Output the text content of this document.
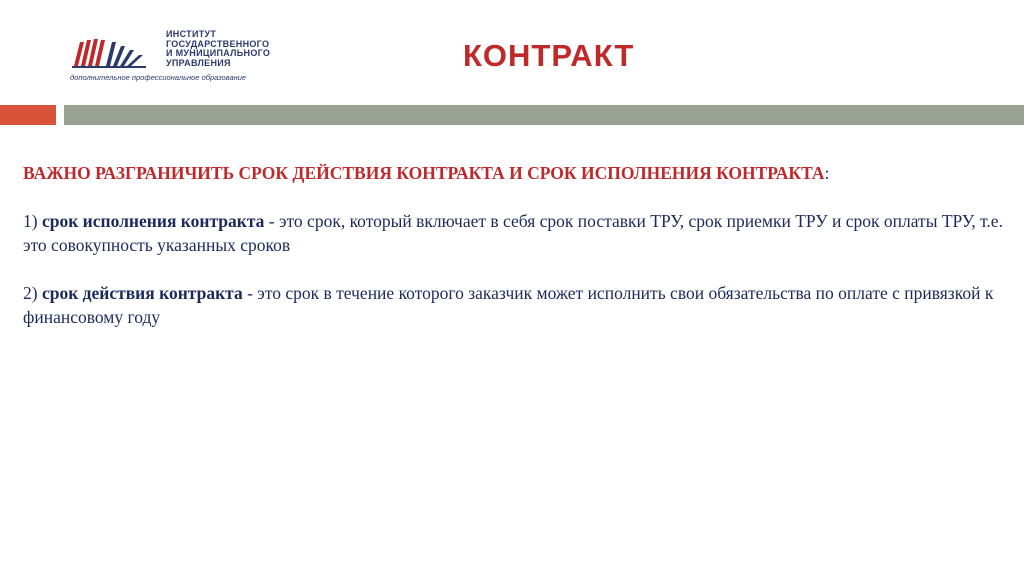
ИНСТИТУТ
ГОСУДАРСТВЕННОГО
И МУНИЦИПАЛЬНОГО
УПРАВЛЕНИЯ
дополнительное профессиональное образование
КОНТРАКТ

ВАЖНО РАЗГРАНИЧИТЬ СРОК ДЕЙСТВИЯ КОНТРАКТА И СРОК ИСПОЛНЕНИЯ КОНТРАКТА:

1) срок исполнения контракта - это срок, который включает в себя срок поставки ТРУ, срок приемки ТРУ и срок оплаты ТРУ, т.е. это совокупность указанных сроков

2) срок действия контракта - это срок в течение которого заказчик может исполнить свои обязательства по оплате с привязкой к финансовому году
